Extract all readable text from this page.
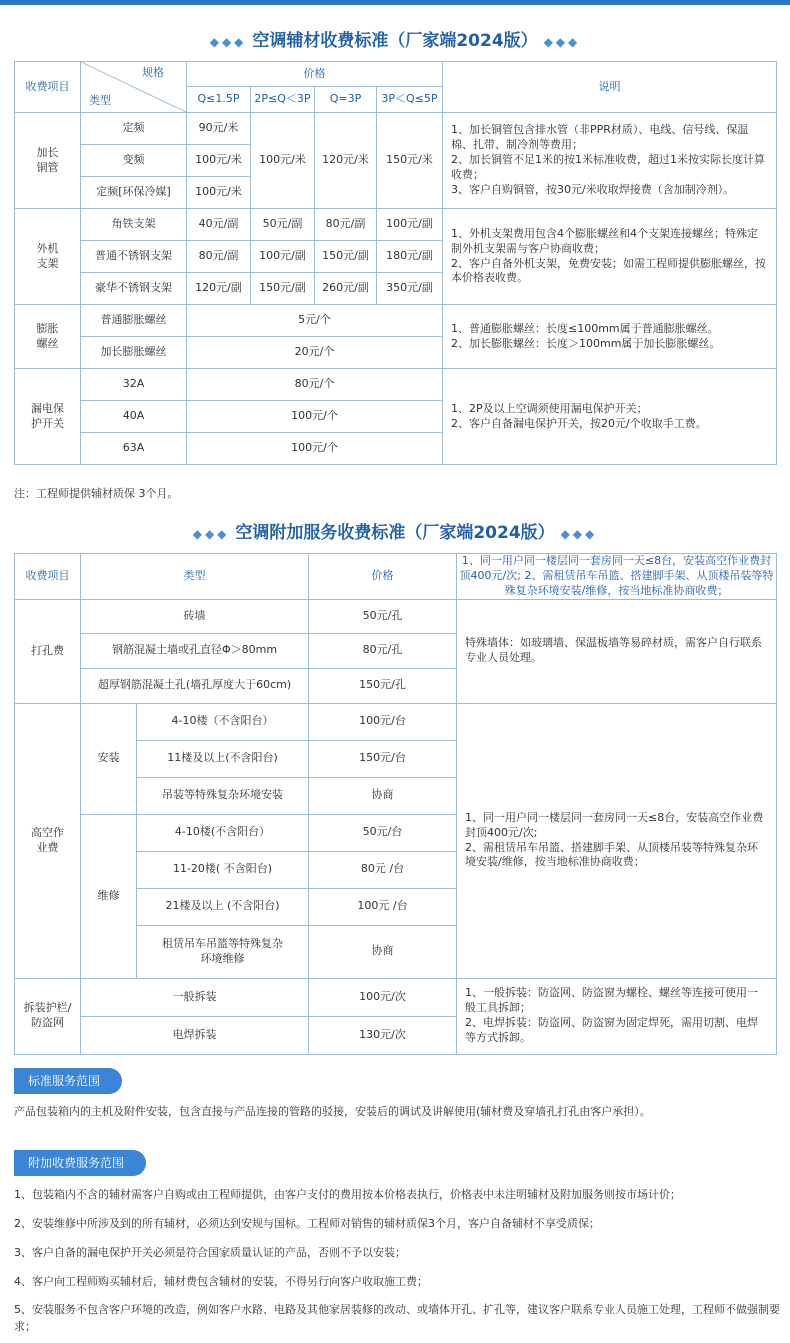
◆◆◆ 空调辅材收费标准（厂家端2024版） ◆◆◆
收费项目	规格
类型	价格				说明
		Q≤1.5P	2P≤Q＜3P	Q=3P	3P＜Q≤5P	
加长
铜管	定频	90元/米	100元/米	120元/米	150元/米	1、加长铜管包含排水管（非PPR材质）、电线、信号线、保温棉、扎带、制冷剂等费用；
2、加长铜管不足1米的按1米标准收费，超过1米按实际长度计算收费；
3、客户自购铜管，按30元/米收取焊接费（含加制冷剂）。
	变频	100元/米				
	定频[环保冷媒]	100元/米				
外机
支架	角铁支架	40元/副	50元/副	80元/副	100元/副	1、外机支架费用包含4个膨胀螺丝和4个支架连接螺丝；特殊定制外机支架需与客户协商收费；
2、客户自备外机支架，免费安装；如需工程师提供膨胀螺丝，按本价格表收费。
	普通不锈钢支架	80元/副	100元/副	150元/副	180元/副	
	豪华不锈钢支架	120元/副	150元/副	260元/副	350元/副	
膨胀
螺丝	普通膨胀螺丝	5元/个				1、普通膨胀螺丝：长度≤100mm属于普通膨胀螺丝。
2、加长膨胀螺丝：长度＞100mm属于加长膨胀螺丝。
	加长膨胀螺丝	20元/个				
漏电保
护开关	32A	80元/个				1、2P及以上空调须使用漏电保护开关；
2、客户自备漏电保护开关，按20元/个收取手工费。
	40A	100元/个				
	63A	100元/个				
注：工程师提供辅材质保 3个月。
◆◆◆ 空调附加服务收费标准（厂家端2024版） ◆◆◆
收费项目	类型		价格	1、同一用户同一楼层同一套房同一天≤8台，安装高空作业费封顶400元/次; 2、需租赁吊车吊篮、搭建脚手架、从顶楼吊装等特殊复杂环境安装/维修，按当地标准协商收费；
打孔费	砖墙		50元/孔	特殊墙体：如玻璃墙、保温板墙等易碎材质，需客户自行联系专业人员处理。
	钢筋混凝土墙或孔直径Φ＞80mm		80元/孔	
	超厚钢筋混凝土孔(墙孔厚度大于60cm)		150元/孔	
高空作
业费	安装	4-10楼（不含阳台）	100元/台	1、同一用户同一楼层同一套房同一天≤8台，安装高空作业费封顶400元/次;
2、需租赁吊车吊篮、搭建脚手架、从顶楼吊装等特殊复杂环境安装/维修，按当地标准协商收费；
		11楼及以上(不含阳台)	150元/台	
		吊装等特殊复杂环境安装	协商	
	维修	4-10楼(不含阳台）	50元/台	
		11-20楼( 不含阳台)	80元 /台	
		21楼及以上 (不含阳台)	100元 /台	
		租赁吊车吊篮等特殊复杂
环境维修	协商	
拆装护栏/
防盗网	一般拆装		100元/次	1、一般拆装：防盗网、防盗窗为螺栓、螺丝等连接可使用一般工具拆卸；
2、电焊拆装：防盗网、防盗窗为固定焊死，需用切割、电焊等方式拆卸。
	电焊拆装		130元/次	
标准服务范围
产品包装箱内的主机及附件安装，包含直接与产品连接的管路的驳接，安装后的调试及讲解使用(辅材费及穿墙孔打孔由客户承担）。
附加收费服务范围
1、包装箱内不含的辅材需客户自购或由工程师提供，由客户支付的费用按本价格表执行，价格表中未注明辅材及附加服务则按市场计价；
2、安装维修中所涉及到的所有辅材，必须达到安规与国标。工程师对销售的辅材质保3个月，客户自备辅材不享受质保；
3、客户自备的漏电保护开关必须是符合国家质量认证的产品，否则不予以安装；
4、客户向工程师购买辅材后，辅材费包含辅材的安装，不得另行向客户收取施工费；
5、安装服务不包含客户环境的改造，例如客户水路、电路及其他家居装修的改动、或墙体开孔、扩孔等，建议客户联系专业人员施工处理，工程师不做强制要求；
